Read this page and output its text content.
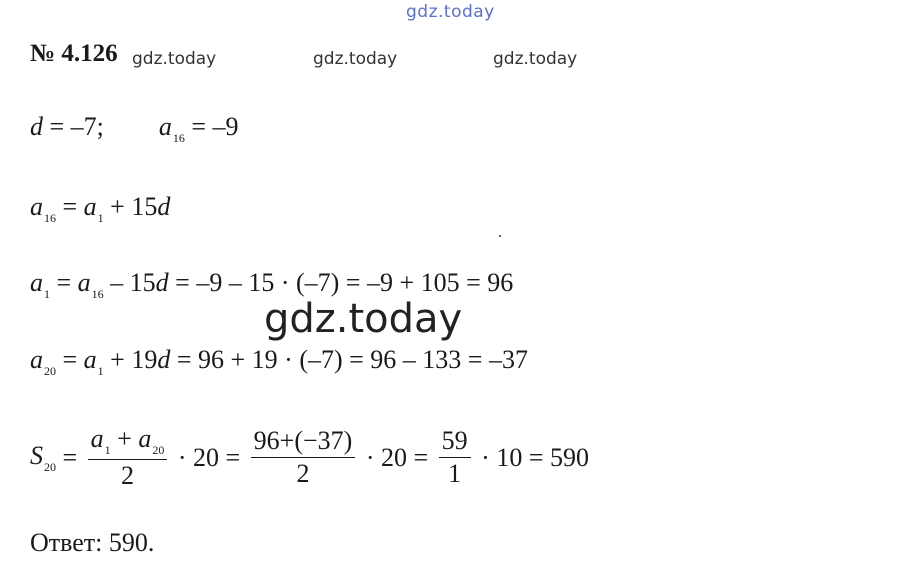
gdz.today
№ 4.126 gdz.today	gdz.today	gdz.today
d = –7; $a_{16} = -9$
$a_{16} = a_1 + 15d$
$a_1 = a_{16} - 15d = -9 - 15 \cdot (-7) = -9 + 105 = 96$
gdz.today
$a_{20} = a_1 + 19d = 96 + 19 \cdot (-7) = 96 - 133 = -37$
$S_{20} = \frac{a_1 + a_{20}}{2} \cdot 20 = \frac{96+(-37)}{2} \cdot 20 = \frac{59}{1} \cdot 10 = 590$
Ответ: 590.
